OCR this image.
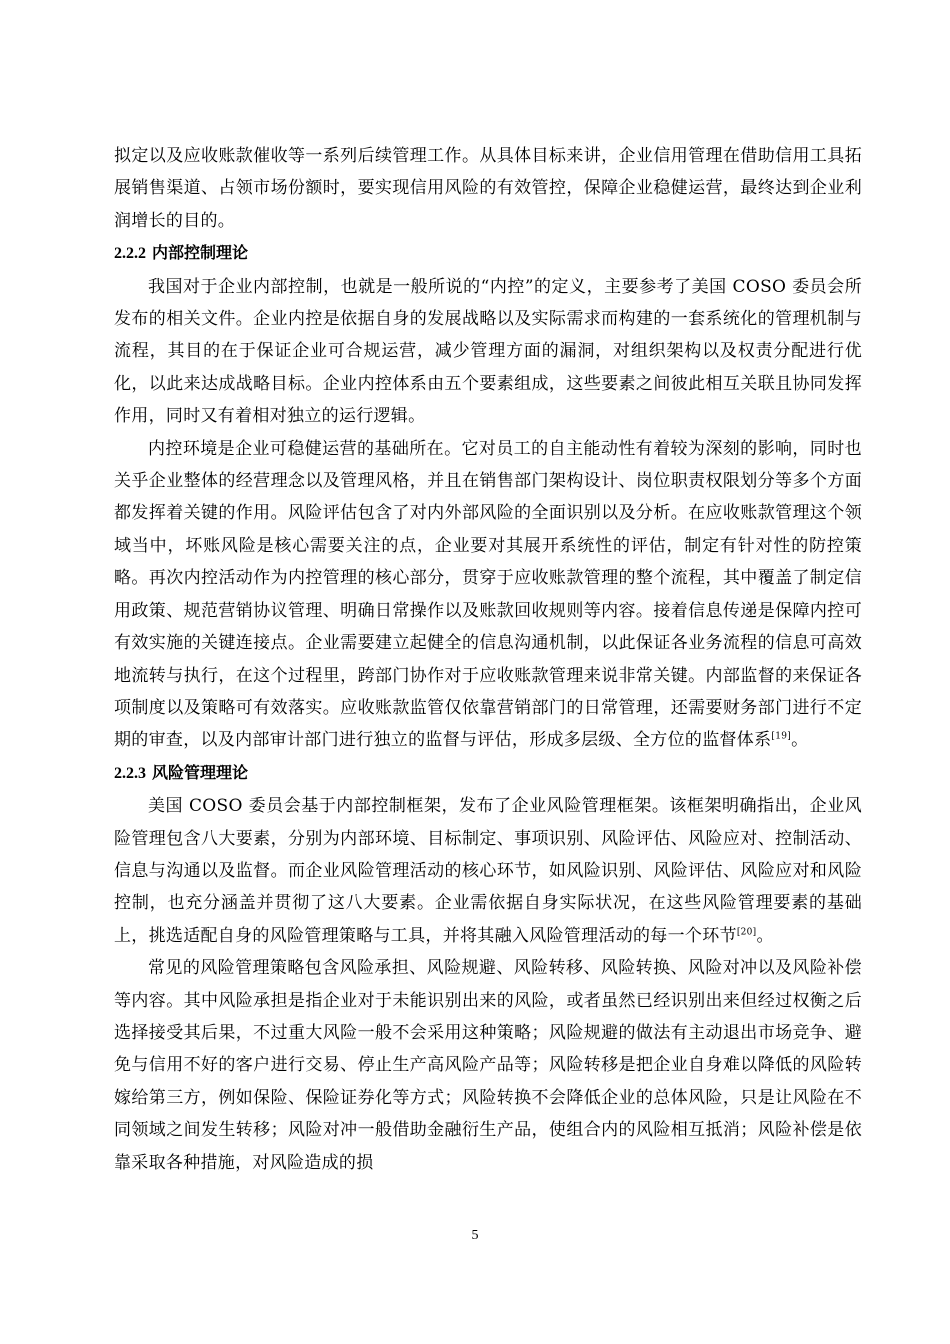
拟定以及应收账款催收等一系列后续管理工作。从具体目标来讲，企业信用管理在借助信用工具拓展销售渠道、占领市场份额时，要实现信用风险的有效管控，保障企业稳健运营，最终达到企业利润增长的目的。

2.2.2 内部控制理论

我国对于企业内部控制，也就是一般所说的“内控”的定义，主要参考了美国 COSO 委员会所发布的相关文件。企业内控是依据自身的发展战略以及实际需求而构建的一套系统化的管理机制与流程，其目的在于保证企业可合规运营，减少管理方面的漏洞，对组织架构以及权责分配进行优化，以此来达成战略目标。企业内控体系由五个要素组成，这些要素之间彼此相互关联且协同发挥作用，同时又有着相对独立的运行逻辑。

内控环境是企业可稳健运营的基础所在。它对员工的自主能动性有着较为深刻的影响，同时也关乎企业整体的经营理念以及管理风格，并且在销售部门架构设计、岗位职责权限划分等多个方面都发挥着关键的作用。风险评估包含了对内外部风险的全面识别以及分析。在应收账款管理这个领域当中，坏账风险是核心需要关注的点，企业要对其展开系统性的评估，制定有针对性的防控策略。再次内控活动作为内控管理的核心部分，贯穿于应收账款管理的整个流程，其中覆盖了制定信用政策、规范营销协议管理、明确日常操作以及账款回收规则等内容。接着信息传递是保障内控可有效实施的关键连接点。企业需要建立起健全的信息沟通机制，以此保证各业务流程的信息可高效地流转与执行，在这个过程里，跨部门协作对于应收账款管理来说非常关键。内部监督的来保证各项制度以及策略可有效落实。应收账款监管仅依靠营销部门的日常管理，还需要财务部门进行不定期的审查，以及内部审计部门进行独立的监督与评估，形成多层级、全方位的监督体系[19]。

2.2.3 风险管理理论

美国 COSO 委员会基于内部控制框架，发布了企业风险管理框架。该框架明确指出，企业风险管理包含八大要素，分别为内部环境、目标制定、事项识别、风险评估、风险应对、控制活动、信息与沟通以及监督。而企业风险管理活动的核心环节，如风险识别、风险评估、风险应对和风险控制，也充分涵盖并贯彻了这八大要素。企业需依据自身实际状况，在这些风险管理要素的基础上，挑选适配自身的风险管理策略与工具，并将其融入风险管理活动的每一个环节[20]。

常见的风险管理策略包含风险承担、风险规避、风险转移、风险转换、风险对冲以及风险补偿等内容。其中风险承担是指企业对于未能识别出来的风险，或者虽然已经识别出来但经过权衡之后选择接受其后果，不过重大风险一般不会采用这种策略；风险规避的做法有主动退出市场竞争、避免与信用不好的客户进行交易、停止生产高风险产品等；风险转移是把企业自身难以降低的风险转嫁给第三方，例如保险、保险证券化等方式；风险转换不会降低企业的总体风险，只是让风险在不同领域之间发生转移；风险对冲一般借助金融衍生产品，使组合内的风险相互抵消；风险补偿是依靠采取各种措施，对风险造成的损

5
